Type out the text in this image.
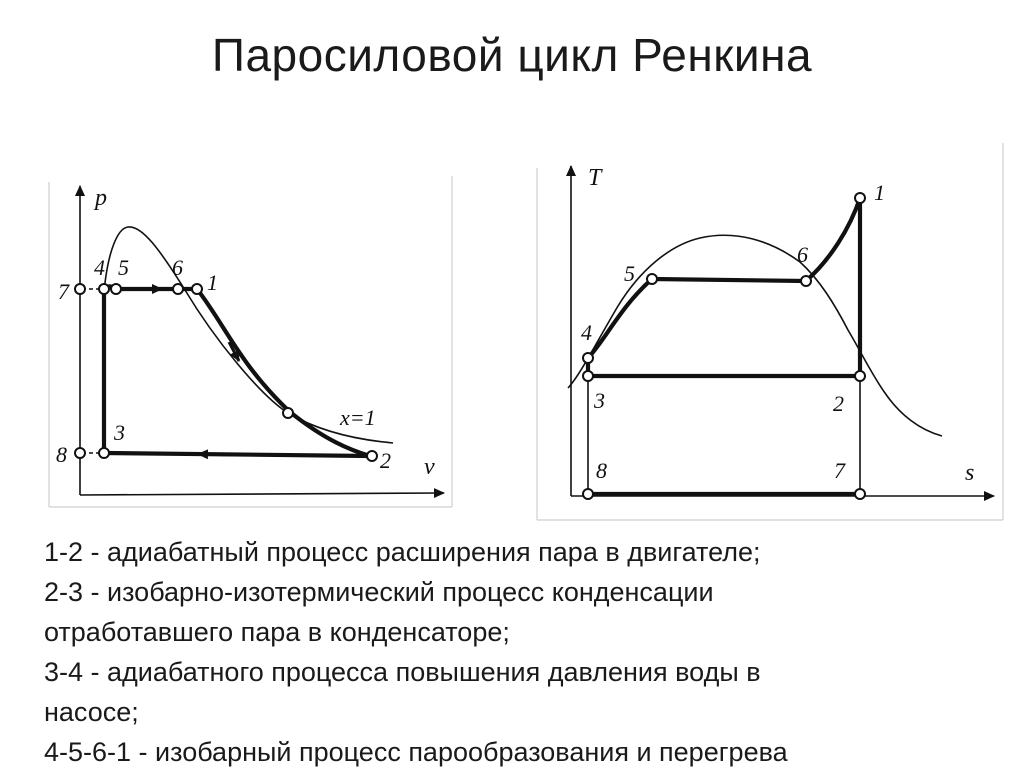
Паросиловой цикл Ренкина
p
v
x=1
7
4 5 6
1
2
3
8
T
s
1
6
5
4
3	2
8	7
1-2 - адиабатный процесс расширения пара в двигателе;
2-3 - изобарно-изотермический процесс конденсации
отработавшего пара в конденсаторе;
3-4 - адиабатного процесса повышения давления воды в
насосе;
4-5-6-1 - изобарный процесс парообразования и перегрева
